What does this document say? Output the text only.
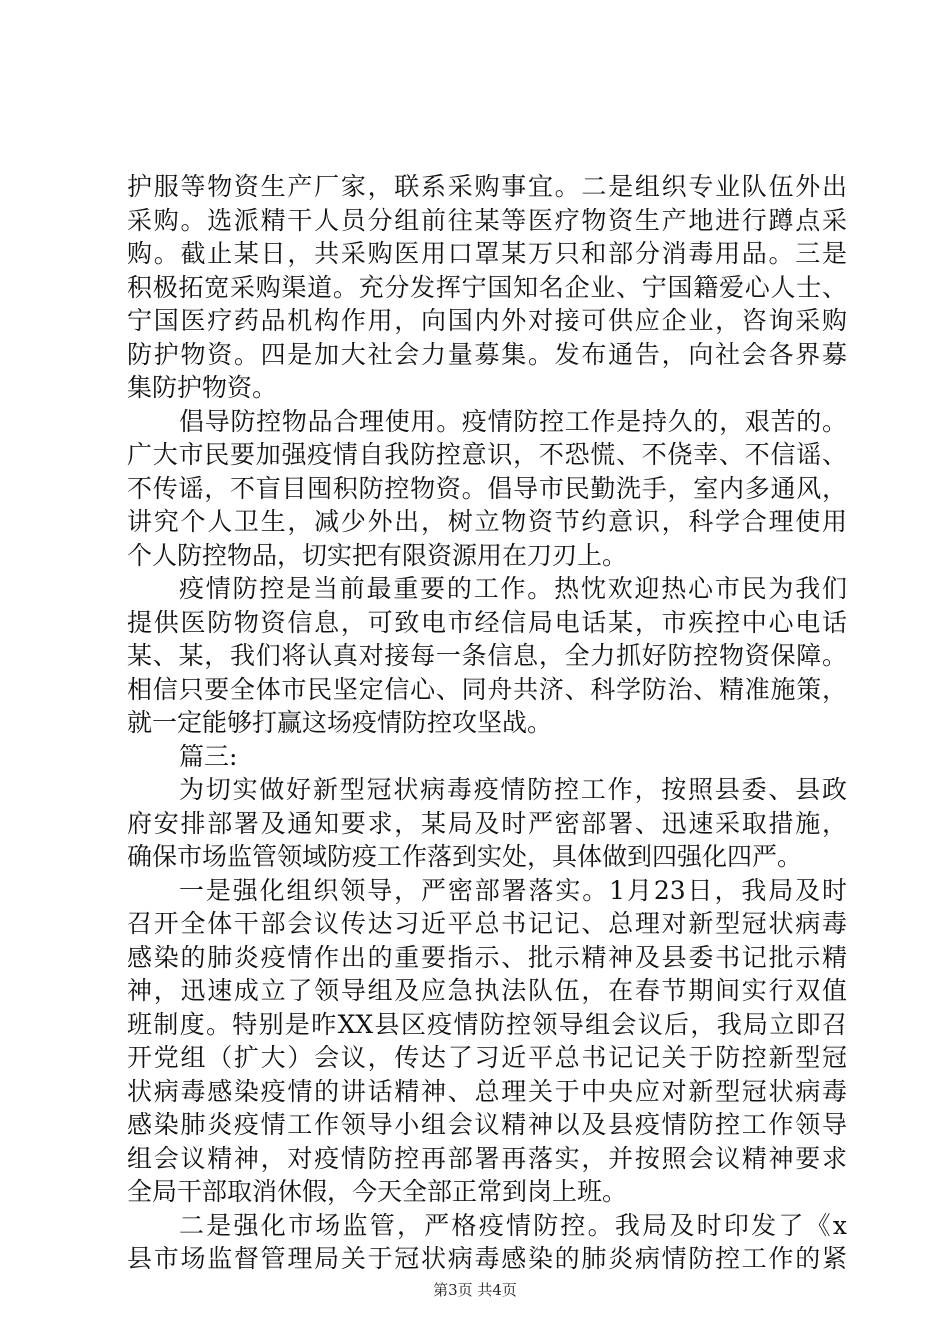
护服等物资生产厂家，联系采购事宜。二是组织专业队伍外出
采购。选派精干人员分组前往某等医疗物资生产地进行蹲点采
购。截止某日，共采购医用口罩某万只和部分消毒用品。三是
积极拓宽采购渠道。充分发挥宁国知名企业、宁国籍爱心人士、
宁国医疗药品机构作用，向国内外对接可供应企业，咨询采购
防护物资。四是加大社会力量募集。发布通告，向社会各界募
集防护物资。
倡导防控物品合理使用。疫情防控工作是持久的，艰苦的。
广大市民要加强疫情自我防控意识，不恐慌、不侥幸、不信谣、
不传谣，不盲目囤积防控物资。倡导市民勤洗手，室内多通风，
讲究个人卫生，减少外出，树立物资节约意识，科学合理使用
个人防控物品，切实把有限资源用在刀刃上。
疫情防控是当前最重要的工作。热忱欢迎热心市民为我们
提供医防物资信息，可致电市经信局电话某，市疾控中心电话
某、某，我们将认真对接每一条信息，全力抓好防控物资保障。
相信只要全体市民坚定信心、同舟共济、科学防治、精准施策，
就一定能够打赢这场疫情防控攻坚战。
篇三:
为切实做好新型冠状病毒疫情防控工作，按照县委、县政
府安排部署及通知要求，某局及时严密部署、迅速采取措施，
确保市场监管领域防疫工作落到实处，具体做到四强化四严。
一是强化组织领导，严密部署落实。1月23日，我局及时
召开全体干部会议传达习近平总书记记、总理对新型冠状病毒
感染的肺炎疫情作出的重要指示、批示精神及县委书记批示精
神，迅速成立了领导组及应急执法队伍，在春节期间实行双值
班制度。特别是昨XX县区疫情防控领导组会议后，我局立即召
开党组（扩大）会议，传达了习近平总书记记关于防控新型冠
状病毒感染疫情的讲话精神、总理关于中央应对新型冠状病毒
感染肺炎疫情工作领导小组会议精神以及县疫情防控工作领导
组会议精神，对疫情防控再部署再落实，并按照会议精神要求
全局干部取消休假，今天全部正常到岗上班。
二是强化市场监管，严格疫情防控。我局及时印发了《x
县市场监督管理局关于冠状病毒感染的肺炎病情防控工作的紧
第3页 共4页
